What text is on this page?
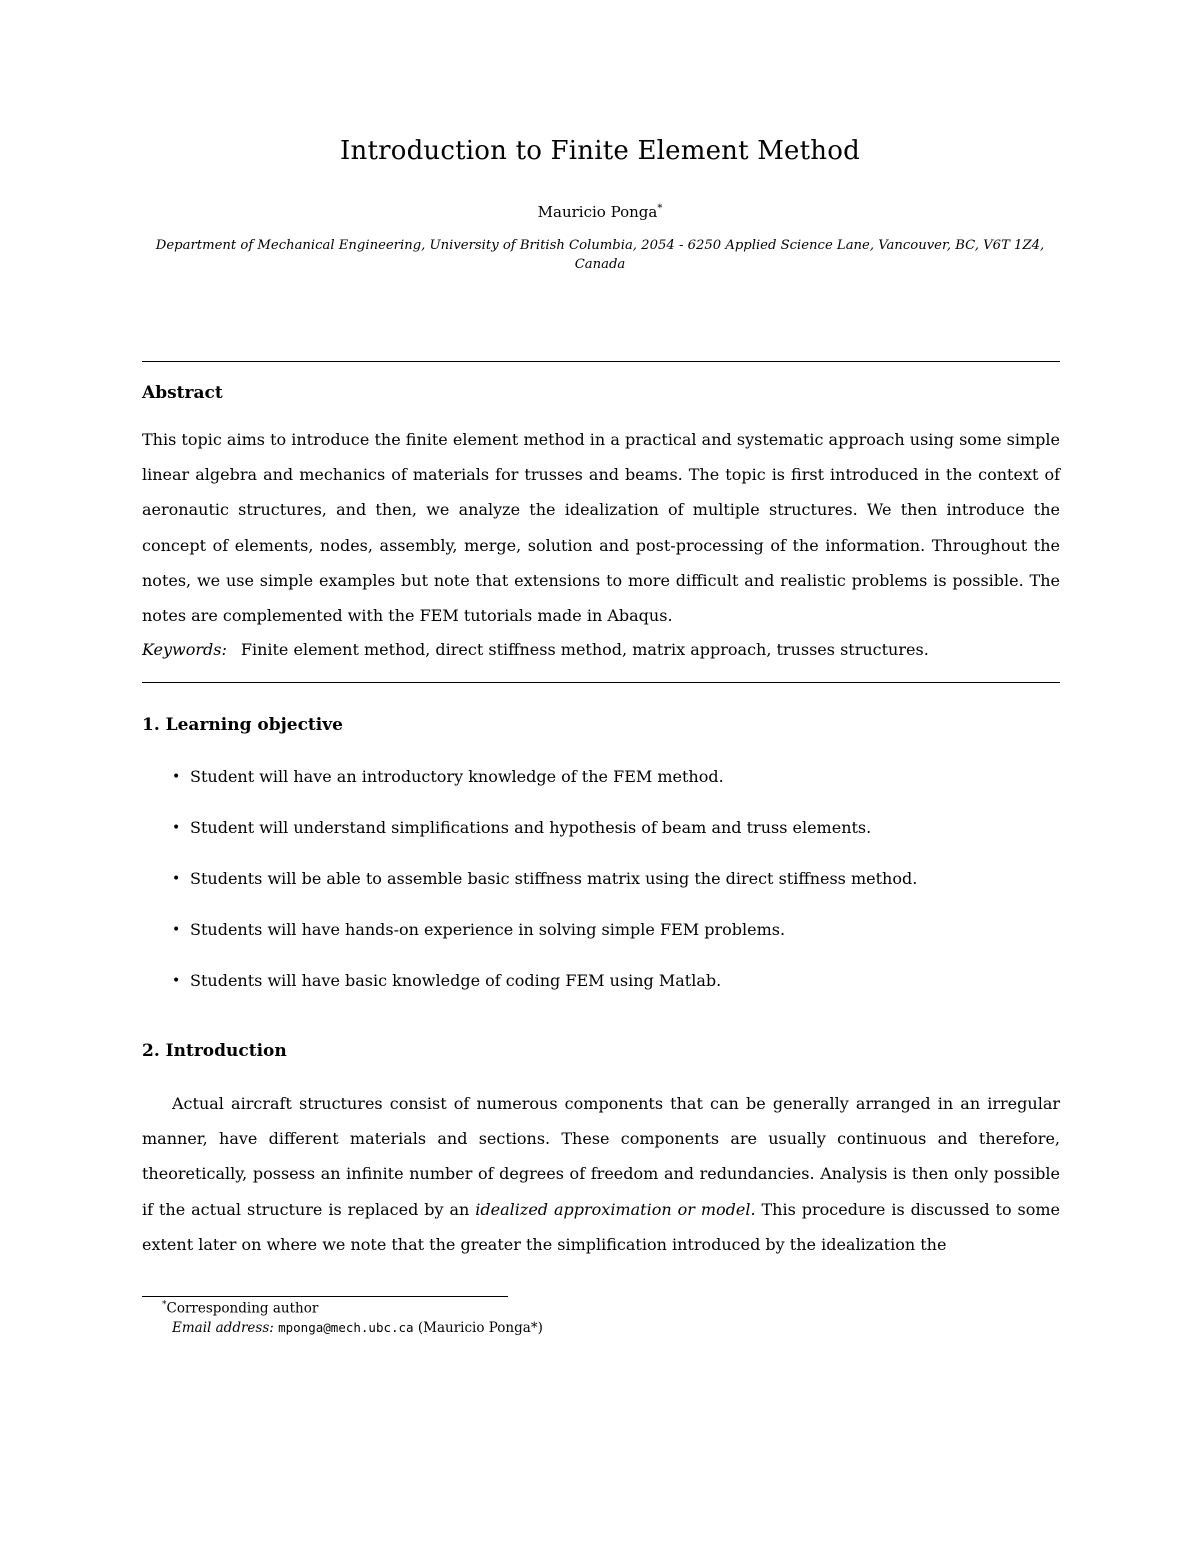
Introduction to Finite Element Method
Mauricio Ponga*
Department of Mechanical Engineering, University of British Columbia, 2054 - 6250 Applied Science Lane, Vancouver, BC, V6T 1Z4, Canada
Abstract
This topic aims to introduce the finite element method in a practical and systematic approach using some simple linear algebra and mechanics of materials for trusses and beams. The topic is first introduced in the context of aeronautic structures, and then, we analyze the idealization of multiple structures. We then introduce the concept of elements, nodes, assembly, merge, solution and post-processing of the information. Throughout the notes, we use simple examples but note that extensions to more difficult and realistic problems is possible. The notes are complemented with the FEM tutorials made in Abaqus.
Keywords: Finite element method, direct stiffness method, matrix approach, trusses structures.
1. Learning objective
• Student will have an introductory knowledge of the FEM method.
• Student will understand simplifications and hypothesis of beam and truss elements.
• Students will be able to assemble basic stiffness matrix using the direct stiffness method.
• Students will have hands-on experience in solving simple FEM problems.
• Students will have basic knowledge of coding FEM using Matlab.
2. Introduction
Actual aircraft structures consist of numerous components that can be generally arranged in an irregular manner, have different materials and sections. These components are usually continuous and therefore, theoretically, possess an infinite number of degrees of freedom and redundancies. Analysis is then only possible if the actual structure is replaced by an idealized approximation or model. This procedure is discussed to some extent later on where we note that the greater the simplification introduced by the idealization the
*Corresponding author
Email address: mponga@mech.ubc.ca (Mauricio Ponga*)
